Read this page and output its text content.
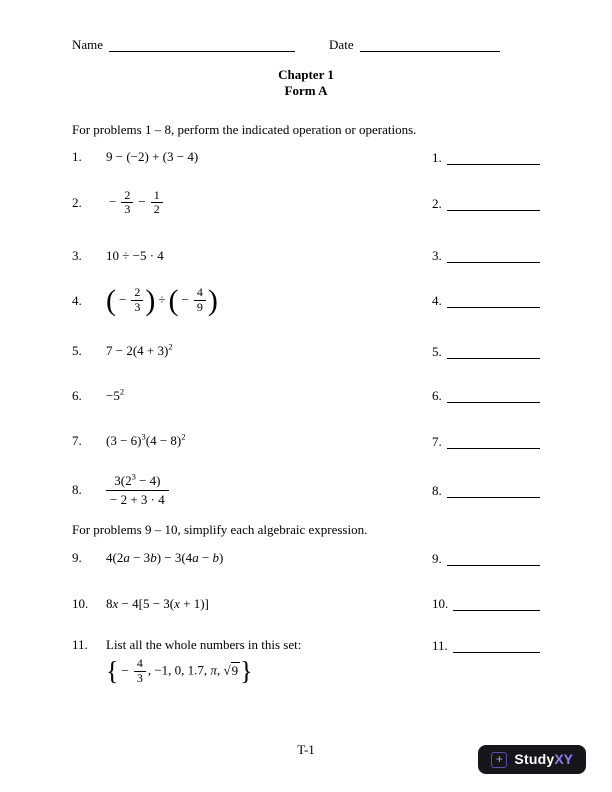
Name	Date
Chapter 1
Form A
For problems 1 – 8, perform the indicated operation or operations.
1.	9 − (−2) + (3 − 4)	1.
2.	− $\frac{2}{3} - \frac{1}{2}$	2.
3.	10 ÷ −5 · 4	3.
4. ( − $\frac{2}{3}$ ) ÷ ( − $\frac{4}{9}$ )	4.
5.	$7 - 2(4 + 3)^2$	5.
6.	$-5^2$	6.
7.	$(3 - 6)^3(4 - 8)^2$	7.
8.	$\frac{3(2^3 - 4)}{- 2 + 3 \cdot 4}$	8.
For problems 9 – 10, simplify each algebraic expression.
9.	4(2a − 3b) − 3(4a − b)	9.
10.	8x − 4[5 − 3(x + 1)]	10.
11.	List all the whole numbers in this set:	11.
{ − $\frac{4}{3}$ , −1, 0, 1.7, π, √9}
T-1
+ StudyXY
